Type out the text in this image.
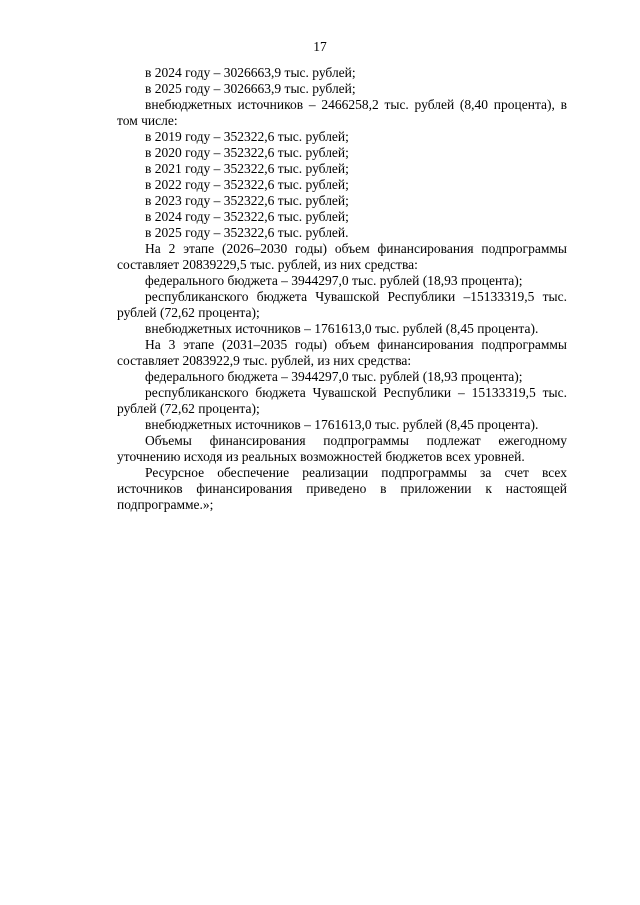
17

в 2024 году – 3026663,9 тыс. рублей;

в 2025 году – 3026663,9 тыс. рублей;

внебюджетных источников – 2466258,2 тыс. рублей (8,40 процента), в том числе:

в 2019 году – 352322,6 тыс. рублей;

в 2020 году – 352322,6 тыс. рублей;

в 2021 году – 352322,6 тыс. рублей;

в 2022 году – 352322,6 тыс. рублей;

в 2023 году – 352322,6 тыс. рублей;

в 2024 году – 352322,6 тыс. рублей;

в 2025 году – 352322,6 тыс. рублей.

На 2 этапе (2026–2030 годы) объем финансирования подпрограммы составляет 20839229,5 тыс. рублей, из них средства:

федерального бюджета – 3944297,0 тыс. рублей (18,93 процента);

республиканского бюджета Чувашской Республики –15133319,5 тыс. рублей (72,62 процента);

внебюджетных источников – 1761613,0 тыс. рублей (8,45 процента).

На 3 этапе (2031–2035 годы) объем финансирования подпрограммы составляет 2083922,9 тыс. рублей, из них средства:

федерального бюджета – 3944297,0 тыс. рублей (18,93 процента);

республиканского бюджета Чувашской Республики – 15133319,5 тыс. рублей (72,62 процента);

внебюджетных источников – 1761613,0 тыс. рублей (8,45 процента).

Объемы финансирования подпрограммы подлежат ежегодному уточнению исходя из реальных возможностей бюджетов всех уровней.

Ресурсное обеспечение реализации подпрограммы за счет всех источников финансирования приведено в приложении к настоящей подпрограмме.»;
